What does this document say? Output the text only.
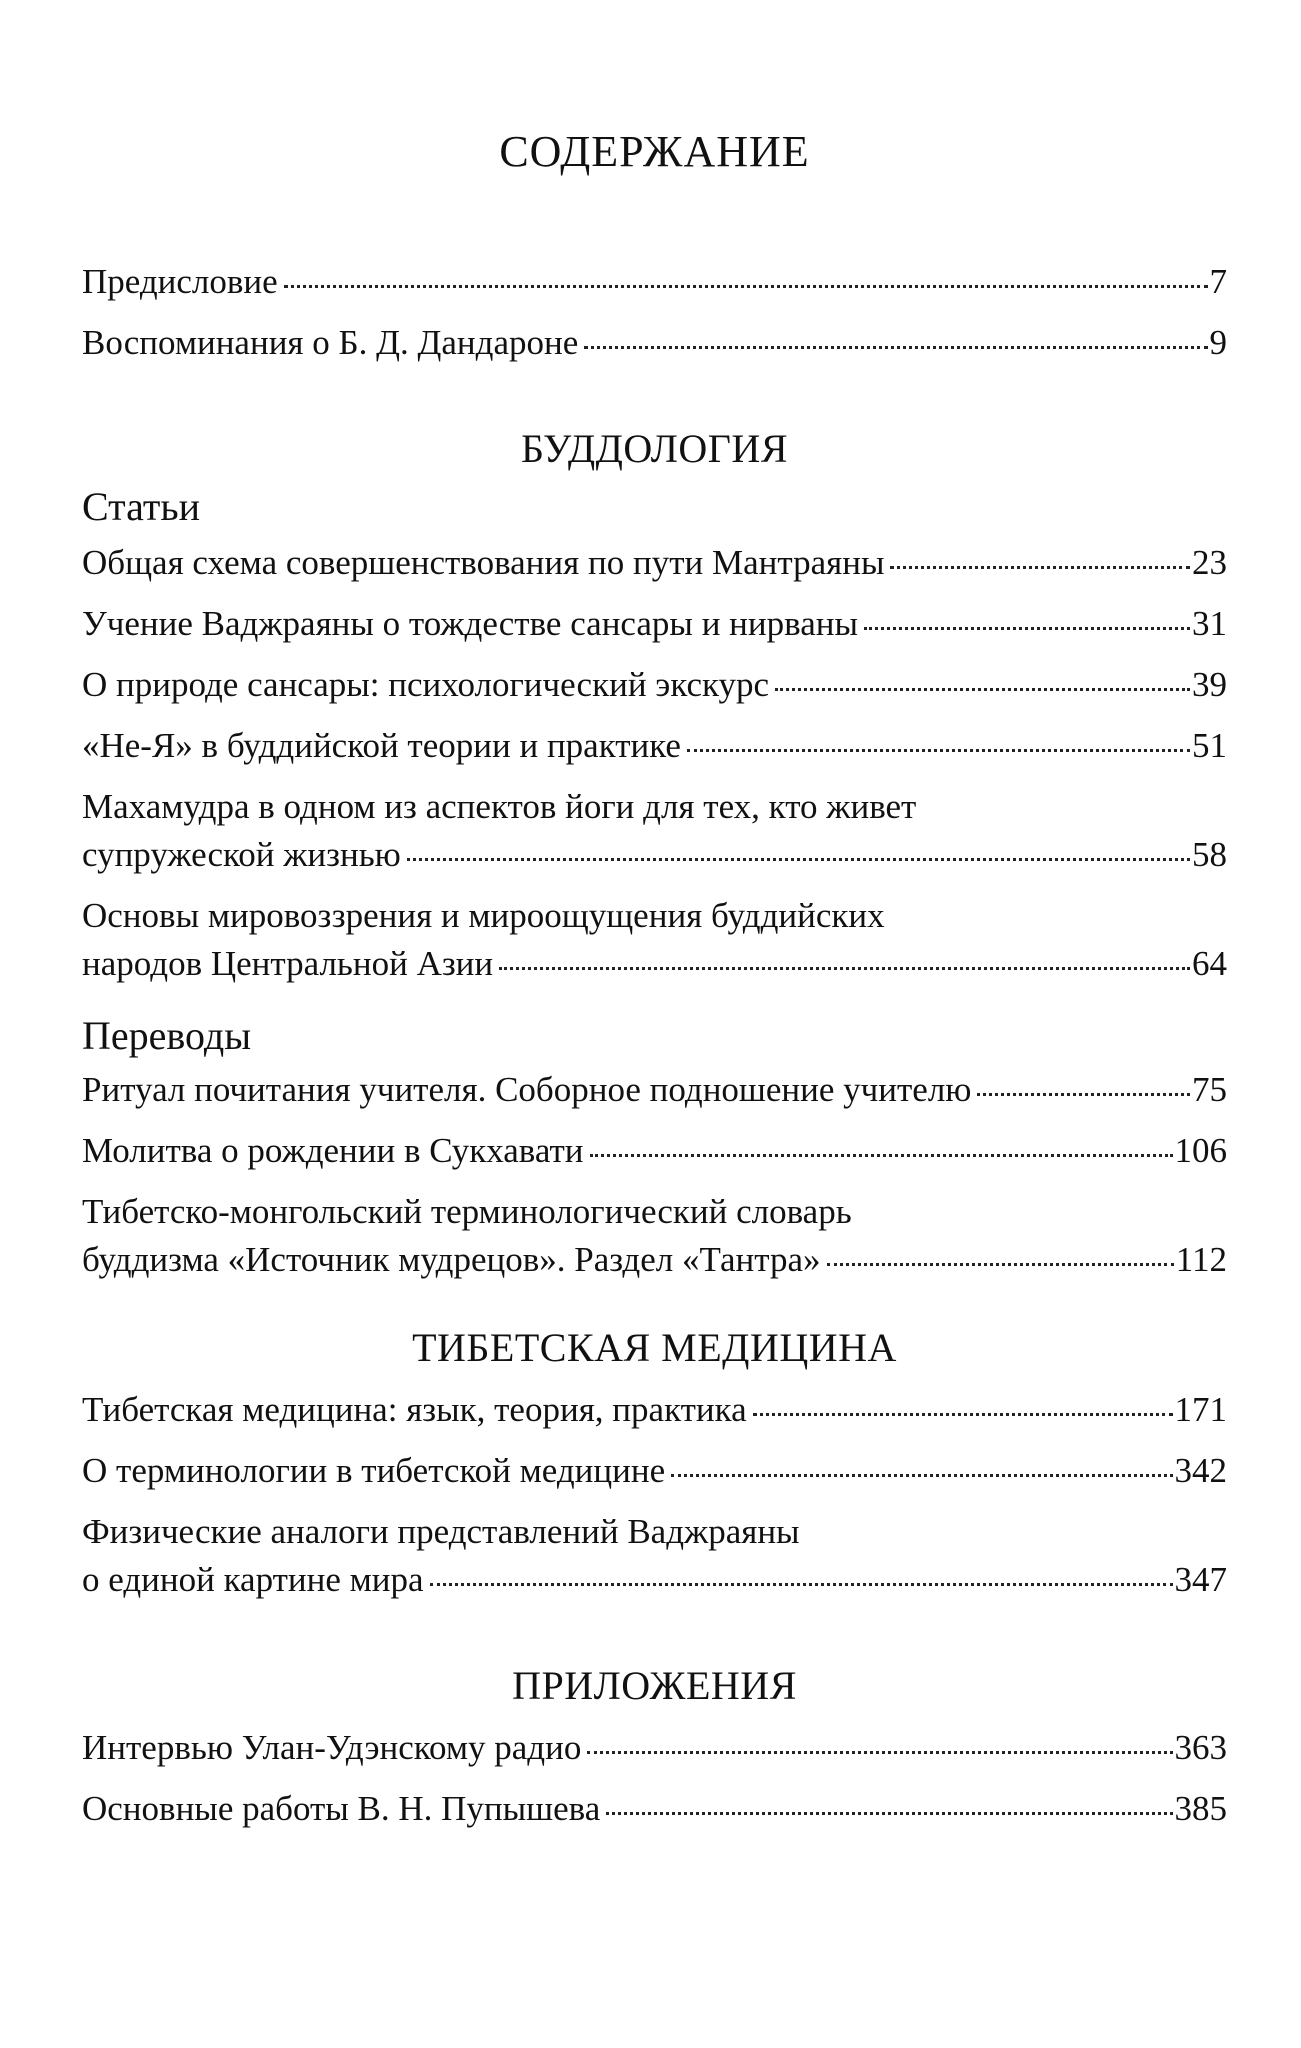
СОДЕРЖАНИЕ
Предисловие	7
Воспоминания о Б. Д. Дандароне	9
БУДДОЛОГИЯ
Статьи
Общая схема совершенствования по пути Мантраяны	23
Учение Ваджраяны о тождестве сансары и нирваны	31
О природе сансары: психологический экскурс	39
«Не-Я» в буддийской теории и практике	51
Махамудра в одном из аспектов йоги для тех, кто живет
супружеской жизнью	58
Основы мировоззрения и мироощущения буддийских
народов Центральной Азии	64
Переводы
Ритуал почитания учителя. Соборное подношение учителю	75
Молитва о рождении в Сукхавати	106
Тибетско-монгольский терминологический словарь
буддизма «Источник мудрецов». Раздел «Тантра»	112
ТИБЕТСКАЯ МЕДИЦИНА
Тибетская медицина: язык, теория, практика	171
О терминологии в тибетской медицине	342
Физические аналоги представлений Ваджраяны
о единой картине мира	347
ПРИЛОЖЕНИЯ
Интервью Улан-Удэнскому радио	363
Основные работы В. Н. Пупышева	385
